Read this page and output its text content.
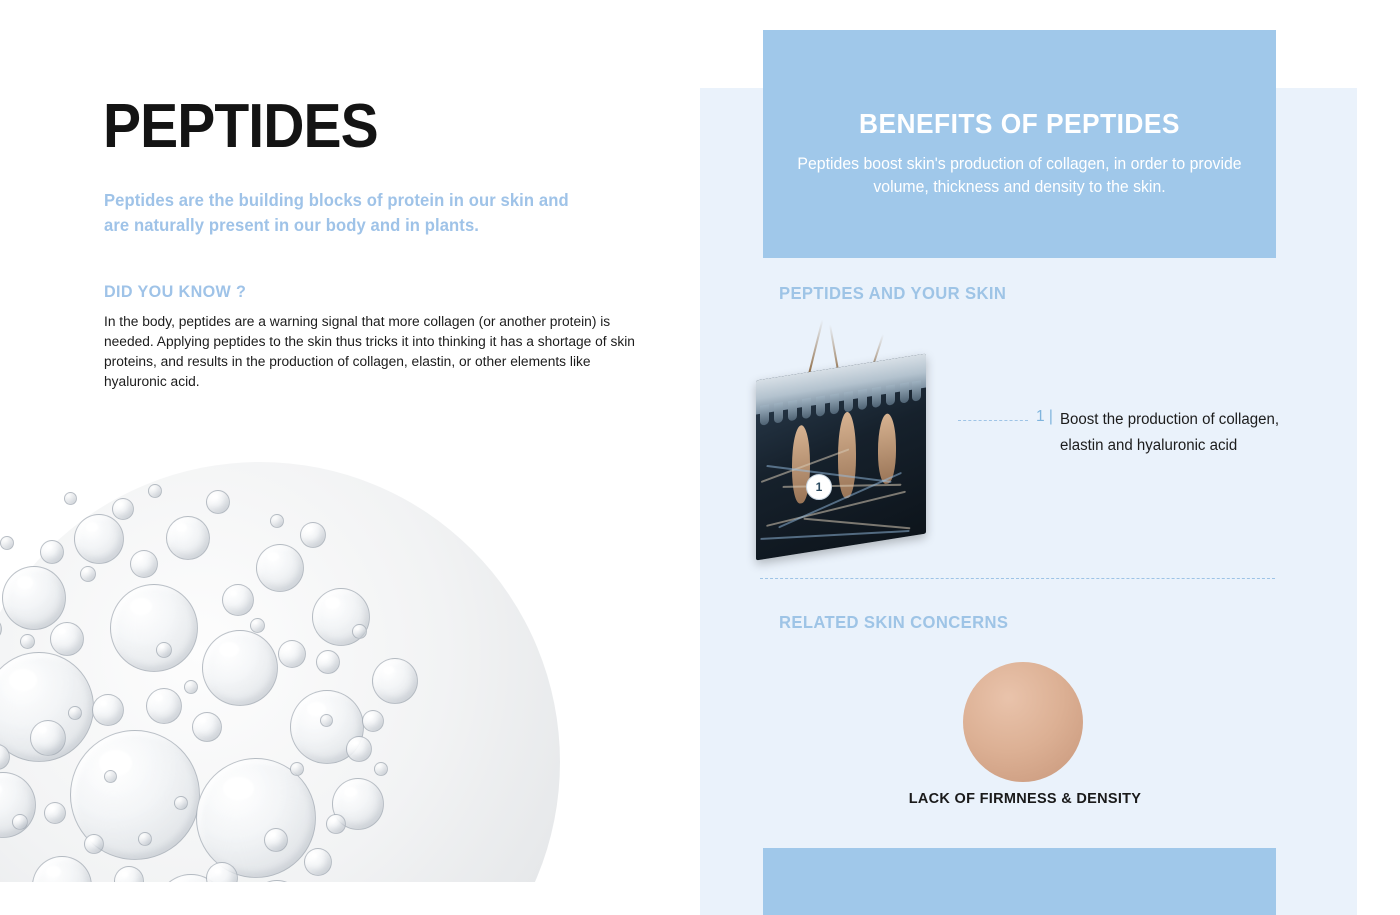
PEPTIDES
Peptides are the building blocks of protein in our skin and are naturally present in our body and in plants.
DID YOU KNOW ?
In the body, peptides are a warning signal that more collagen (or another protein) is needed. Applying peptides to the skin thus tricks it into thinking it has a shortage of skin proteins, and results in the production of collagen, elastin, or other elements like hyaluronic acid.
BENEFITS OF PEPTIDES
Peptides boost skin's production of collagen, in order to provide volume, thickness and density to the skin.
PEPTIDES AND YOUR SKIN
1
1 | Boost the production of collagen, elastin and hyaluronic acid
RELATED SKIN CONCERNS
LACK OF FIRMNESS & DENSITY
